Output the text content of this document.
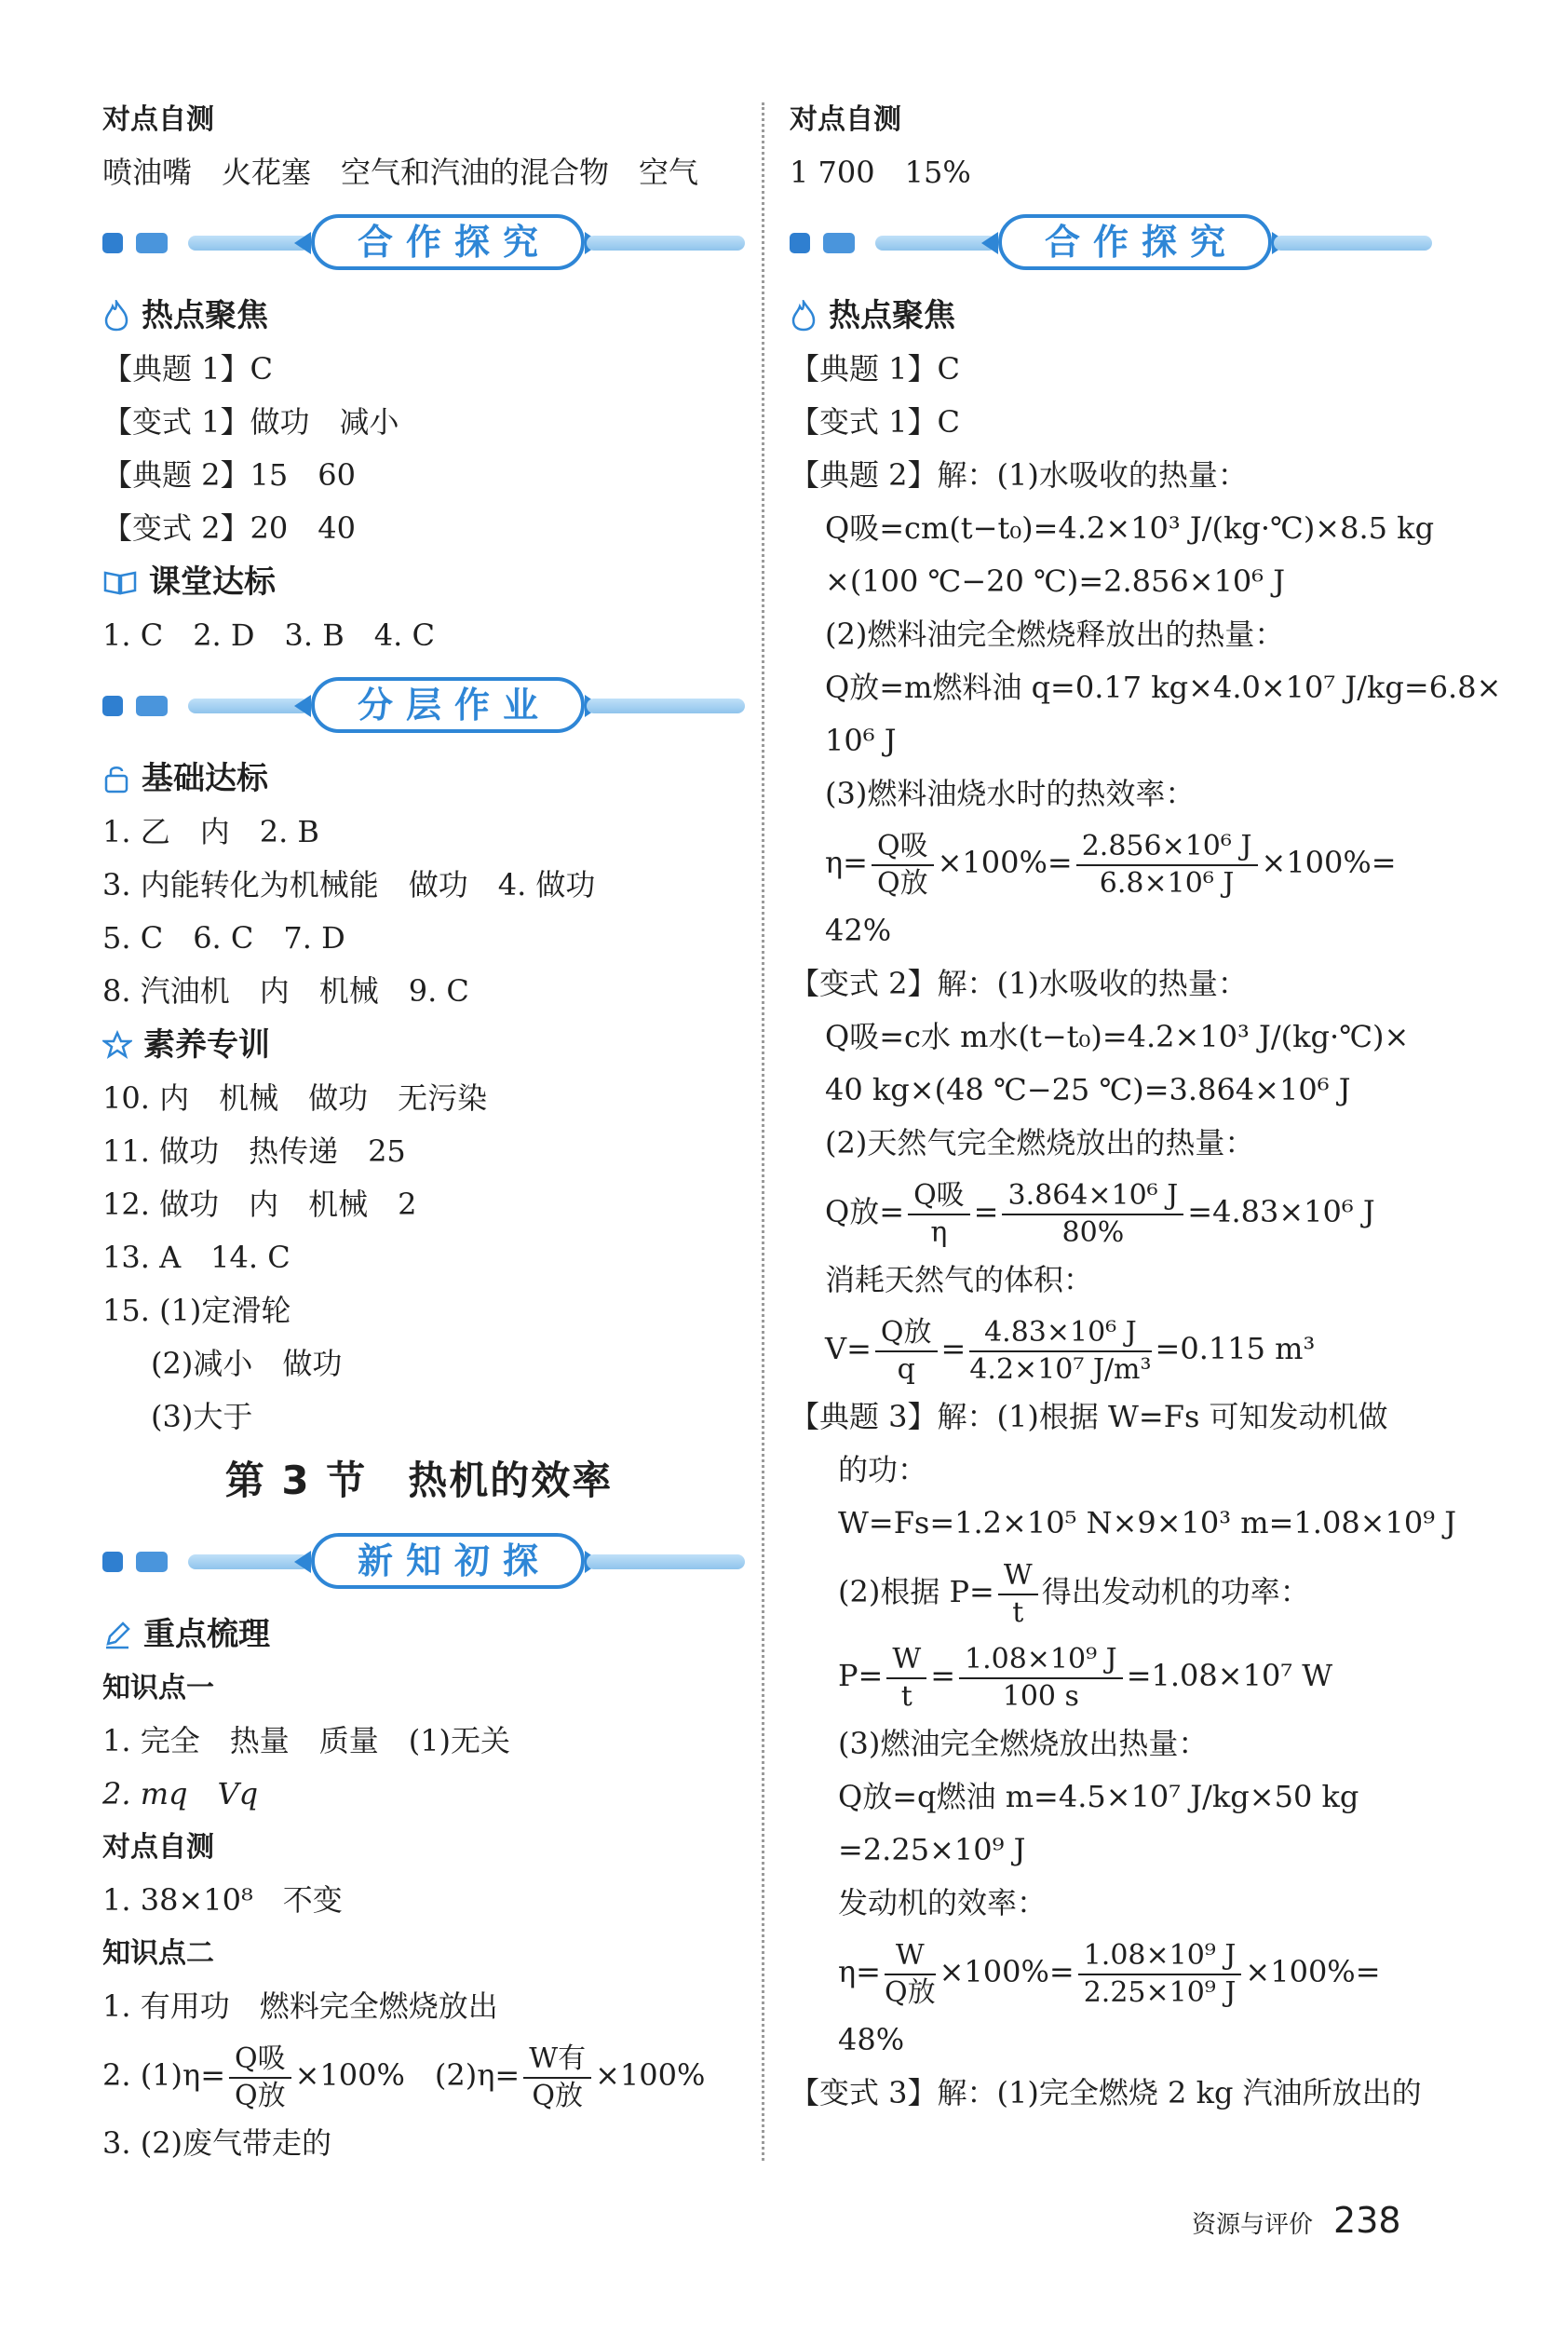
对点自测
喷油嘴　火花塞　空气和汽油的混合物　空气
合作探究
热点聚焦
【典题 1】C
【变式 1】做功　减小
【典题 2】15　60
【变式 2】20　40
课堂达标
1. C　2. D　3. B　4. C
分层作业
基础达标
1. 乙　内　2. B
3. 内能转化为机械能　做功　4. 做功
5. C　6. C　7. D
8. 汽油机　内　机械　9. C
素养专训
10. 内　机械　做功　无污染
11. 做功　热传递　25
12. 做功　内　机械　2
13. A　14. C
15. (1)定滑轮
(2)减小　做功
(3)大于
第 3 节　热机的效率
新知初探
重点梳理
知识点一
1. 完全　热量　质量　(1)无关
2. mq　Vq
对点自测
1. 38×10⁸　不变
知识点二
1. 有用功　燃料完全燃烧放出
2. $(1)\eta= \frac{\text{Q吸}}{\text{Q放}} \times 100\%$　$(2)\eta= \frac{\text{W有}}{\text{Q放}} \times 100\%$
3. (2)废气带走的
对点自测
1 700　15%
合作探究
热点聚焦
【典题 1】C
【变式 1】C
【典题 2】解：(1)水吸收的热量：
Q吸=cm(t−t₀)=4.2×10³ J/(kg·℃)×8.5 kg
×(100 ℃−20 ℃)=2.856×10⁶ J
(2)燃料油完全燃烧释放出的热量：
Q放=m燃料油 q=0.17 kg×4.0×10⁷ J/kg=6.8×
10⁶ J
(3)燃料油烧水时的热效率：
$\eta= \frac{\text{Q吸}}{\text{Q放}} \times 100\%= \frac{\text{2.856×10⁶ J}}{\text{6.8×10⁶ J}} \times 100\%=$
42%
【变式 2】解：(1)水吸收的热量：
Q吸=c水 m水(t−t₀)=4.2×10³ J/(kg·℃)×
40 kg×(48 ℃−25 ℃)=3.864×10⁶ J
(2)天然气完全燃烧放出的热量：
Q放= $\frac{\text{Q吸}}{\eta} = \frac{\text{3.864×10⁶ J}}{80\%} =4.83\times 10^6$ J
消耗天然气的体积：
$V= \frac{\text{Q放}}{q} = \frac{\text{4.83×10⁶ J}}{\text{4.2×10⁷ J/m³}} =0.115$ m³
【典题 3】解：(1)根据 W=Fs 可知发动机做
的功：
W=Fs=1.2×10⁵ N×9×10³ m=1.08×10⁹ J
(2)根据 $P= \frac{W}{t}$ 得出发动机的功率：
$P= \frac{W}{t} = \frac{\text{1.08×10⁹ J}}{100 s} =1.08\times 10^7$ W
(3)燃油完全燃烧放出热量：
Q放=q燃油 m=4.5×10⁷ J/kg×50 kg
=2.25×10⁹ J
发动机的效率：
$\eta= \frac{W}{\text{Q放}} \times 100\%= \frac{\text{1.08×10⁹ J}}{\text{2.25×10⁹ J}} \times 100\%=$
48%
【变式 3】解：(1)完全燃烧 2 kg 汽油所放出的
资源与评价 238
